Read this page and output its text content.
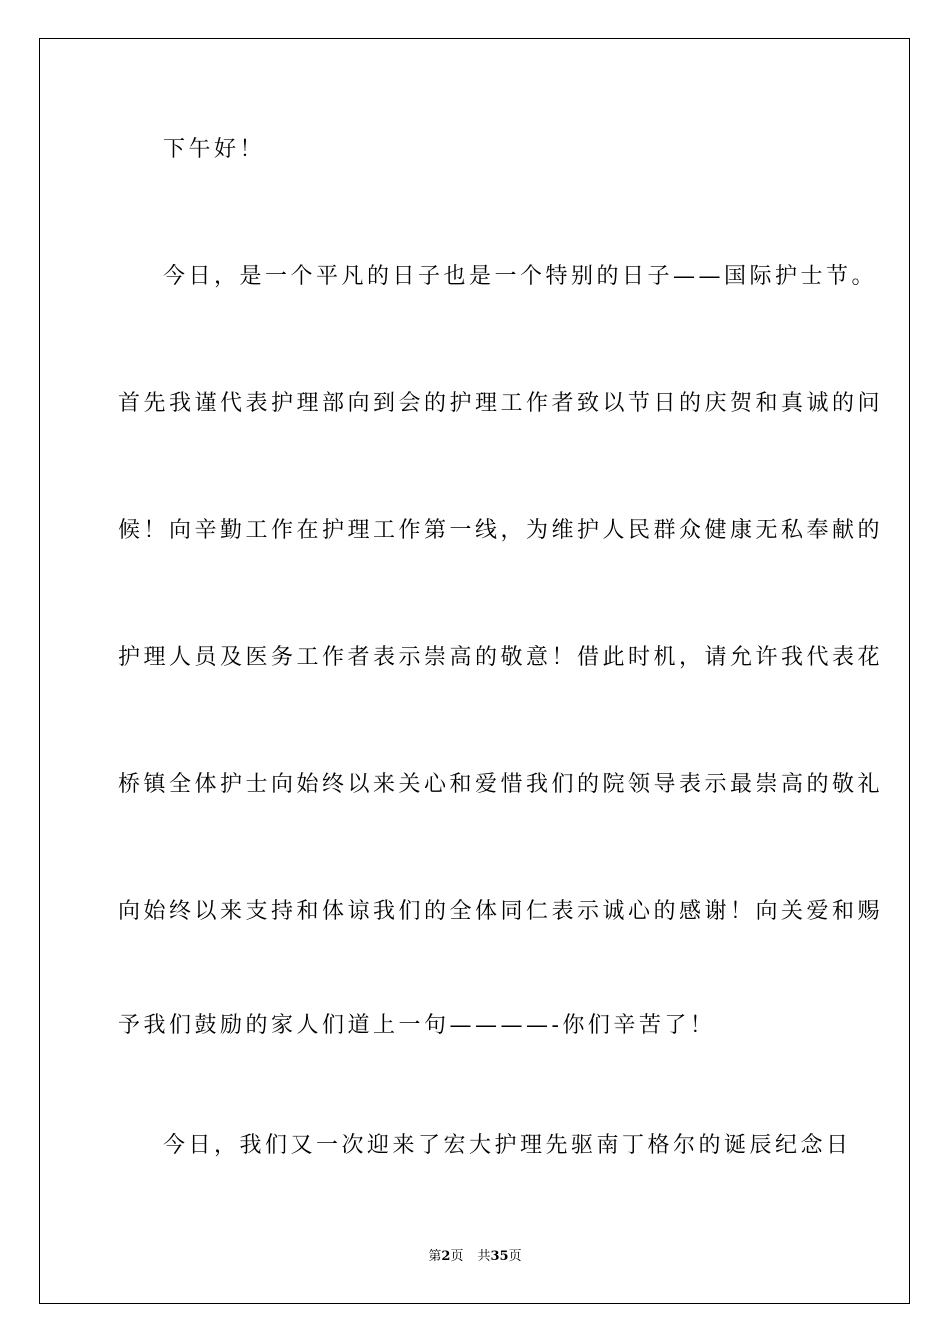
下午好！
今日，是一个平凡的日子也是一个特别的日子——国际护士节。
首先我谨代表护理部向到会的护理工作者致以节日的庆贺和真诚的问
候！向辛勤工作在护理工作第一线，为维护人民群众健康无私奉献的
护理人员及医务工作者表示崇高的敬意！借此时机，请允许我代表花
桥镇全体护士向始终以来关心和爱惜我们的院领导表示最崇高的敬礼
向始终以来支持和体谅我们的全体同仁表示诚心的感谢！向关爱和赐
予我们鼓励的家人们道上一句————-你们辛苦了！
今日，我们又一次迎来了宏大护理先驱南丁格尔的诞辰纪念日
第2页 共35页
